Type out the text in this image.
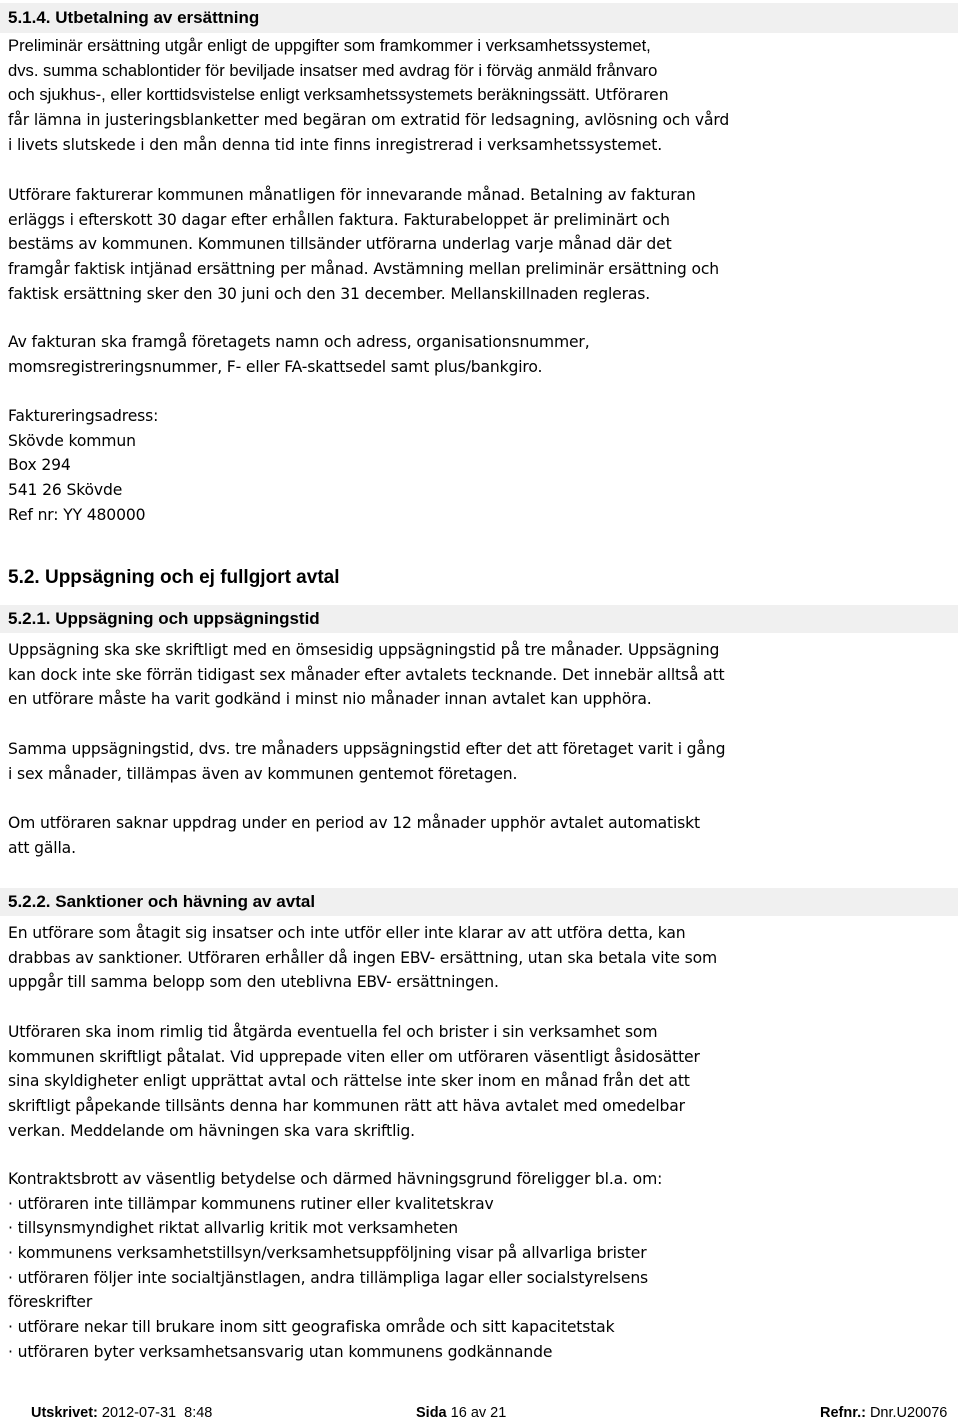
5.1.4. Utbetalning av ersättning
Preliminär ersättning utgår enligt de uppgifter som framkommer i verksamhetssystemet,
dvs. summa schablontider för beviljade insatser med avdrag för i förväg anmäld frånvaro
och sjukhus-, eller korttidsvistelse enligt verksamhetssystemets beräkningssätt. Utföraren
får lämna in justeringsblanketter med begäran om extratid för ledsagning, avlösning och vård
i livets slutskede i den mån denna tid inte finns inregistrerad i verksamhetssystemet.
Utförare fakturerar kommunen månatligen för innevarande månad. Betalning av fakturan
erläggs i efterskott 30 dagar efter erhållen faktura. Fakturabeloppet är preliminärt och
bestäms av kommunen. Kommunen tillsänder utförarna underlag varje månad där det
framgår faktisk intjänad ersättning per månad. Avstämning mellan preliminär ersättning och
faktisk ersättning sker den 30 juni och den 31 december. Mellanskillnaden regleras.
Av fakturan ska framgå företagets namn och adress, organisationsnummer,
momsregistreringsnummer, F- eller FA-skattsedel samt plus/bankgiro.
Faktureringsadress:
Skövde kommun
Box 294
541 26 Skövde
Ref nr: YY 480000
5.2. Uppsägning och ej fullgjort avtal
5.2.1. Uppsägning och uppsägningstid
Uppsägning ska ske skriftligt med en ömsesidig uppsägningstid på tre månader. Uppsägning
kan dock inte ske förrän tidigast sex månader efter avtalets tecknande. Det innebär alltså att
en utförare måste ha varit godkänd i minst nio månader innan avtalet kan upphöra.
Samma uppsägningstid, dvs. tre månaders uppsägningstid efter det att företaget varit i gång
i sex månader, tillämpas även av kommunen gentemot företagen.
Om utföraren saknar uppdrag under en period av 12 månader upphör avtalet automatiskt
att gälla.
5.2.2. Sanktioner och hävning av avtal
En utförare som åtagit sig insatser och inte utför eller inte klarar av att utföra detta, kan
drabbas av sanktioner. Utföraren erhåller då ingen EBV- ersättning, utan ska betala vite som
uppgår till samma belopp som den uteblivna EBV- ersättningen.
Utföraren ska inom rimlig tid åtgärda eventuella fel och brister i sin verksamhet som
kommunen skriftligt påtalat. Vid upprepade viten eller om utföraren väsentligt åsidosätter
sina skyldigheter enligt upprättat avtal och rättelse inte sker inom en månad från det att
skriftligt påpekande tillsänts denna har kommunen rätt att häva avtalet med omedelbar
verkan. Meddelande om hävningen ska vara skriftlig.
Kontraktsbrott av väsentlig betydelse och därmed hävningsgrund föreligger bl.a. om:
· utföraren inte tillämpar kommunens rutiner eller kvalitetskrav
· tillsynsmyndighet riktat allvarlig kritik mot verksamheten
· kommunens verksamhetstillsyn/verksamhetsuppföljning visar på allvarliga brister
· utföraren följer inte socialtjänstlagen, andra tillämpliga lagar eller socialstyrelsens
föreskrifter
· utförare nekar till brukare inom sitt geografiska område och sitt kapacitetstak
· utföraren byter verksamhetsansvarig utan kommunens godkännande
Utskrivet: 2012-07-31  8:48	Sida 16 av 21	Refnr.: Dnr.U20076
